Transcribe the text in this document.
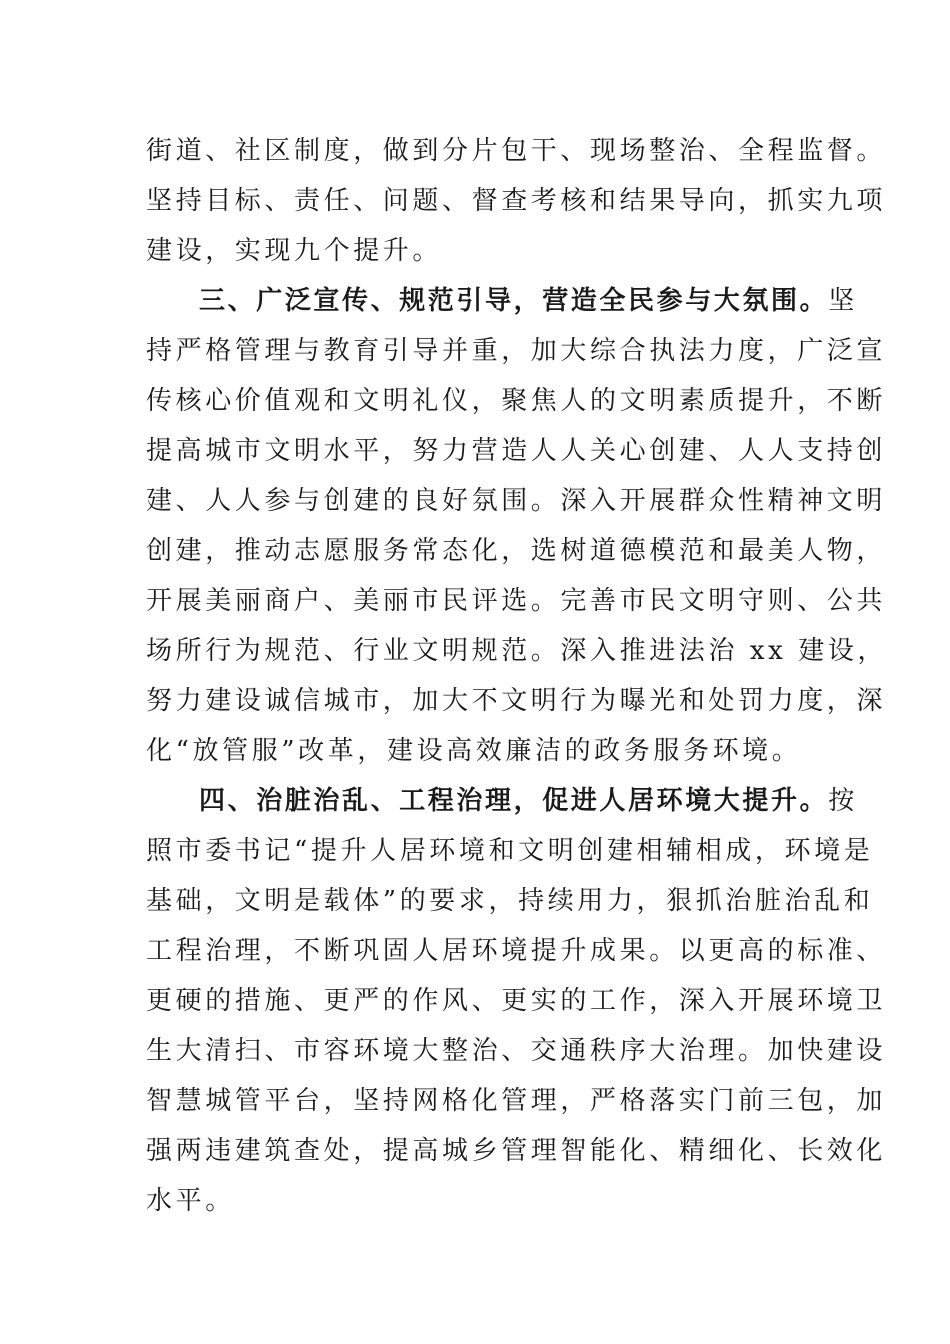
街道、社区制度，做到分片包干、现场整治、全程监督。
坚持目标、责任、问题、督查考核和结果导向，抓实九项
建设，实现九个提升。
三、广泛宣传、规范引导，营造全民参与大氛围。坚
持严格管理与教育引导并重，加大综合执法力度，广泛宣
传核心价值观和文明礼仪，聚焦人的文明素质提升，不断
提高城市文明水平，努力营造人人关心创建、人人支持创
建、人人参与创建的良好氛围。深入开展群众性精神文明
创建，推动志愿服务常态化，选树道德模范和最美人物，
开展美丽商户、美丽市民评选。完善市民文明守则、公共
场所行为规范、行业文明规范。深入推进法治 xx 建设，
努力建设诚信城市，加大不文明行为曝光和处罚力度，深
化“放管服”改革，建设高效廉洁的政务服务环境。
四、治脏治乱、工程治理，促进人居环境大提升。按
照市委书记“提升人居环境和文明创建相辅相成，环境是
基础，文明是载体”的要求，持续用力，狠抓治脏治乱和
工程治理，不断巩固人居环境提升成果。以更高的标准、
更硬的措施、更严的作风、更实的工作，深入开展环境卫
生大清扫、市容环境大整治、交通秩序大治理。加快建设
智慧城管平台，坚持网格化管理，严格落实门前三包，加
强两违建筑查处，提高城乡管理智能化、精细化、长效化
水平。
